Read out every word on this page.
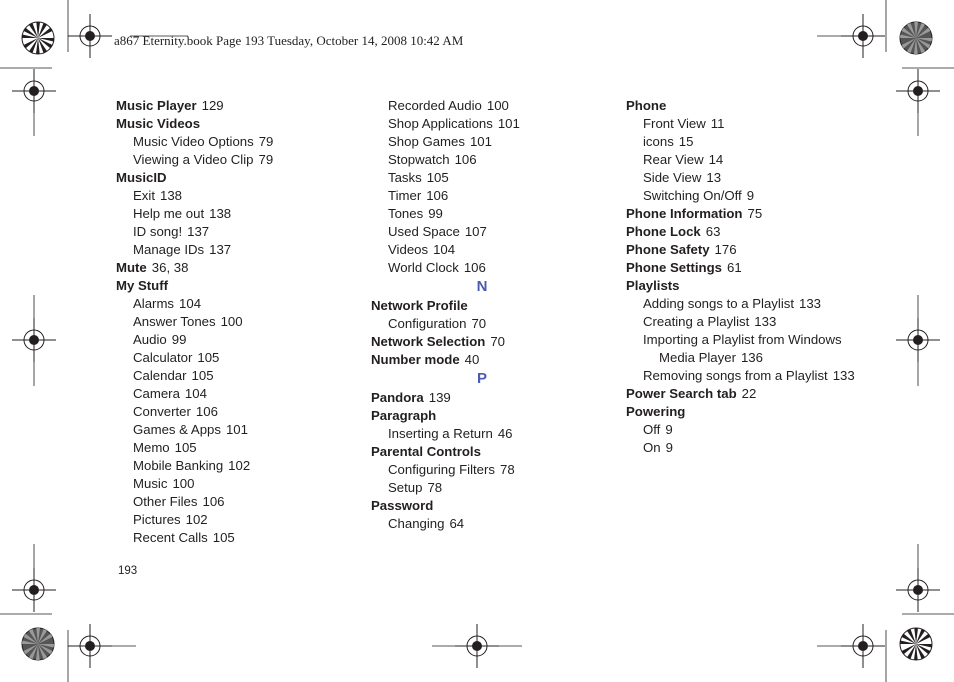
a867 Eternity.book Page 193 Tuesday, October 14, 2008 10:42 AM
Music Player 129
Music Videos
Music Video Options 79
Viewing a Video Clip 79
MusicID
Exit 138
Help me out 138
ID song! 137
Manage IDs 137
Mute 36, 38
My Stuff
Alarms 104
Answer Tones 100
Audio 99
Calculator 105
Calendar 105
Camera 104
Converter 106
Games & Apps 101
Memo 105
Mobile Banking 102
Music 100
Other Files 106
Pictures 102
Recent Calls 105
Recorded Audio 100
Shop Applications 101
Shop Games 101
Stopwatch 106
Tasks 105
Timer 106
Tones 99
Used Space 107
Videos 104
World Clock 106
N
Network Profile
Configuration 70
Network Selection 70
Number mode 40
P
Pandora 139
Paragraph
Inserting a Return 46
Parental Controls
Configuring Filters 78
Setup 78
Password
Changing 64
Phone
Front View 11
icons 15
Rear View 14
Side View 13
Switching On/Off 9
Phone Information 75
Phone Lock 63
Phone Safety 176
Phone Settings 61
Playlists
Adding songs to a Playlist 133
Creating a Playlist 133
Importing a Playlist from Windows
Media Player 136
Removing songs from a Playlist 133
Power Search tab 22
Powering
Off 9
On 9
193
